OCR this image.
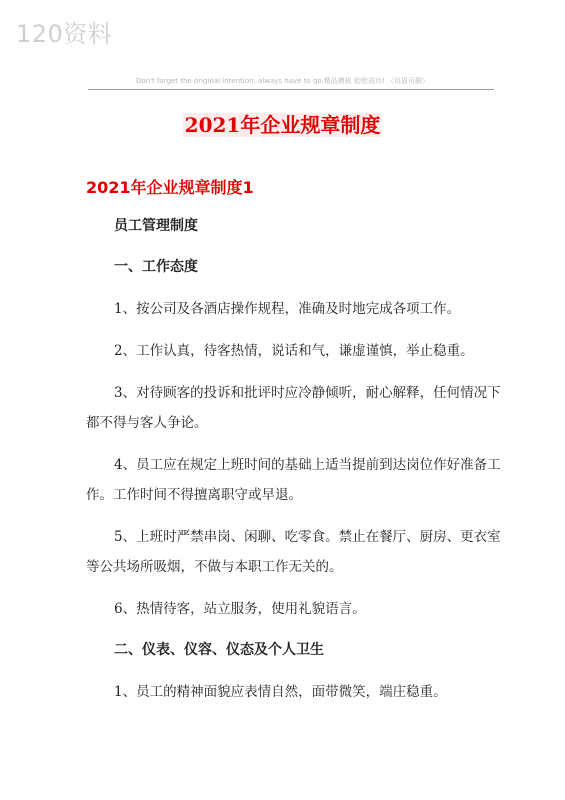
120资料
Don't forget the original intention, always have to go.精品模板 助您成功! （页眉可删）
2021年企业规章制度
2021年企业规章制度1
员工管理制度
一、工作态度
1、按公司及各酒店操作规程，准确及时地完成各项工作。
2、工作认真，待客热情，说话和气，谦虚谨慎，举止稳重。
3、对待顾客的投诉和批评时应冷静倾听，耐心解释，任何情况下都不得与客人争论。
4、员工应在规定上班时间的基础上适当提前到达岗位作好准备工作。工作时间不得擅离职守或早退。
5、上班时严禁串岗、闲聊、吃零食。禁止在餐厅、厨房、更衣室等公共场所吸烟，不做与本职工作无关的。
6、热情待客，站立服务，使用礼貌语言。
二、仪表、仪容、仪态及个人卫生
1、员工的精神面貌应表情自然，面带微笑，端庄稳重。
